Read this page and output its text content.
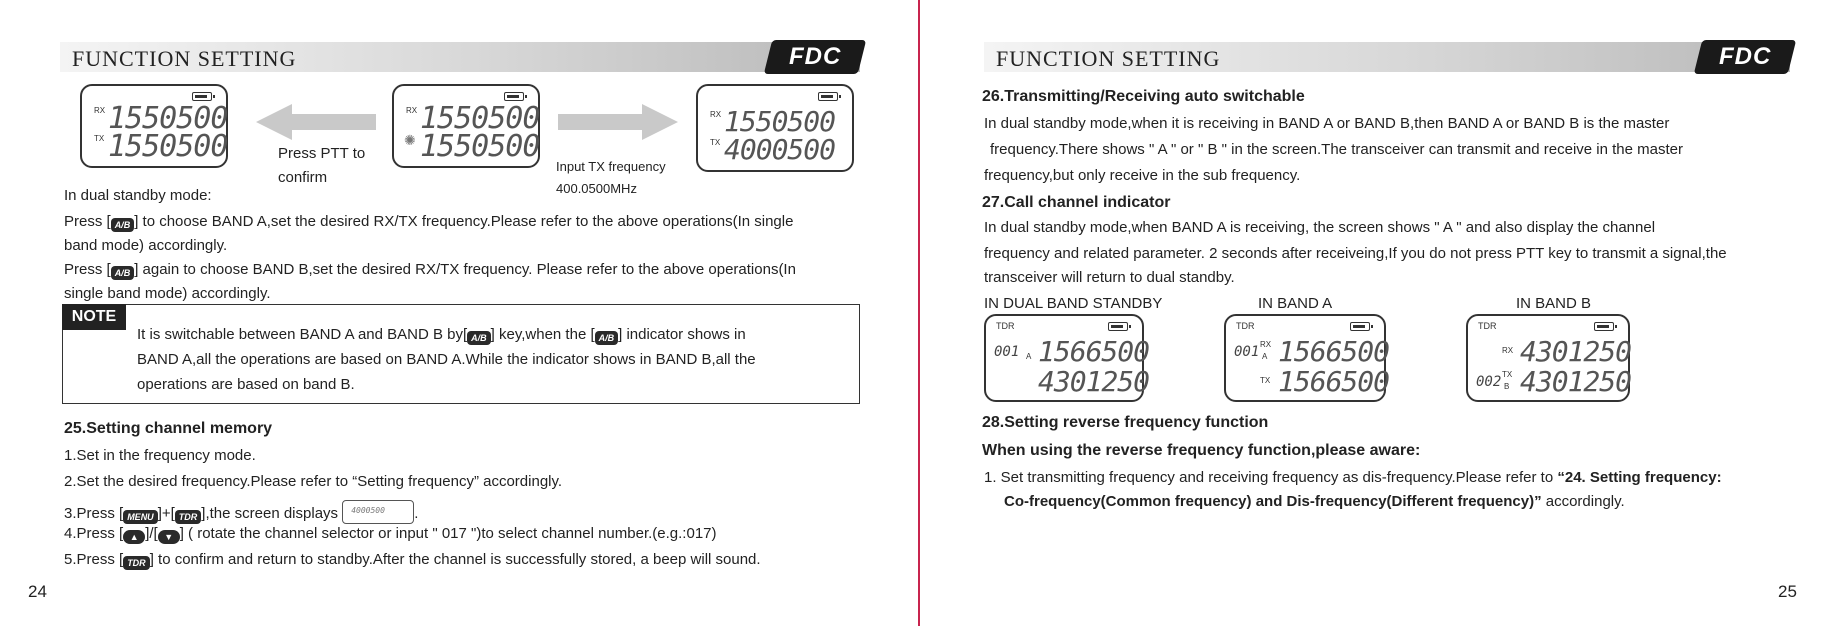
FUNCTION SETTING	FDC
RX
TX
1550500
1550500
RX
✺
1550500
1550500
RX
TX
1550500
4000500
Press PTT to
confirm
Input TX frequency
400.0500MHz
In dual standby mode:
Press [ A/B ] to choose BAND A,set the desired RX/TX frequency.Please refer to the above operations(In single
band mode) accordingly.
Press [ A/B ] again to choose BAND B,set the desired RX/TX frequency. Please refer to the above operations(In
single band mode) accordingly.
NOTE
It is switchable between BAND A and BAND B by[ A/B ] key,when the [ A/B ] indicator shows in
BAND A,all the operations are based on BAND A.While the indicator shows in BAND B,all the
operations are based on band B.
25.Setting channel memory
1.Set in the frequency mode.
2.Set the desired frequency.Please refer to “Setting frequency” accordingly.
3.Press [ MENU ]+[ TDR ],the screen displays 4000500 .
4.Press [ ▲ ]/[ ▼ ] ( rotate the channel selector or input " 017 ")to select channel number.(e.g.:017)
5.Press [ TDR ] to confirm and return to standby.After the channel is successfully stored, a beep will sound.
24
FUNCTION SETTING	FDC
26.Transmitting/Receiving auto switchable
In dual standby mode,when it is receiving in BAND A or BAND B,then BAND A or BAND B is the master
frequency.There shows " A " or " B " in the screen.The transceiver can transmit and receive in the master
frequency,but only receive in the sub frequency.
27.Call channel indicator
In dual standby mode,when BAND A is receiving, the screen shows " A " and also display the channel
frequency and related parameter. 2 seconds after receiveing,If you do not press PTT key to transmit a signal,the
transceiver will return to dual standby.
IN DUAL BAND STANDBY	IN BAND A	IN BAND B
TDR
001 A 1566500
4301250
TDR
001 RX
A
TX
1566500
1566500
TDR
RX
002 TX
B
4301250
4301250
28.Setting reverse frequency function
When using the reverse frequency function,please aware:
1. Set transmitting frequency and receiving frequency as dis-frequency.Please refer to “24. Setting frequency:
Co-frequency(Common frequency) and Dis-frequency(Different frequency)” accordingly.
25
